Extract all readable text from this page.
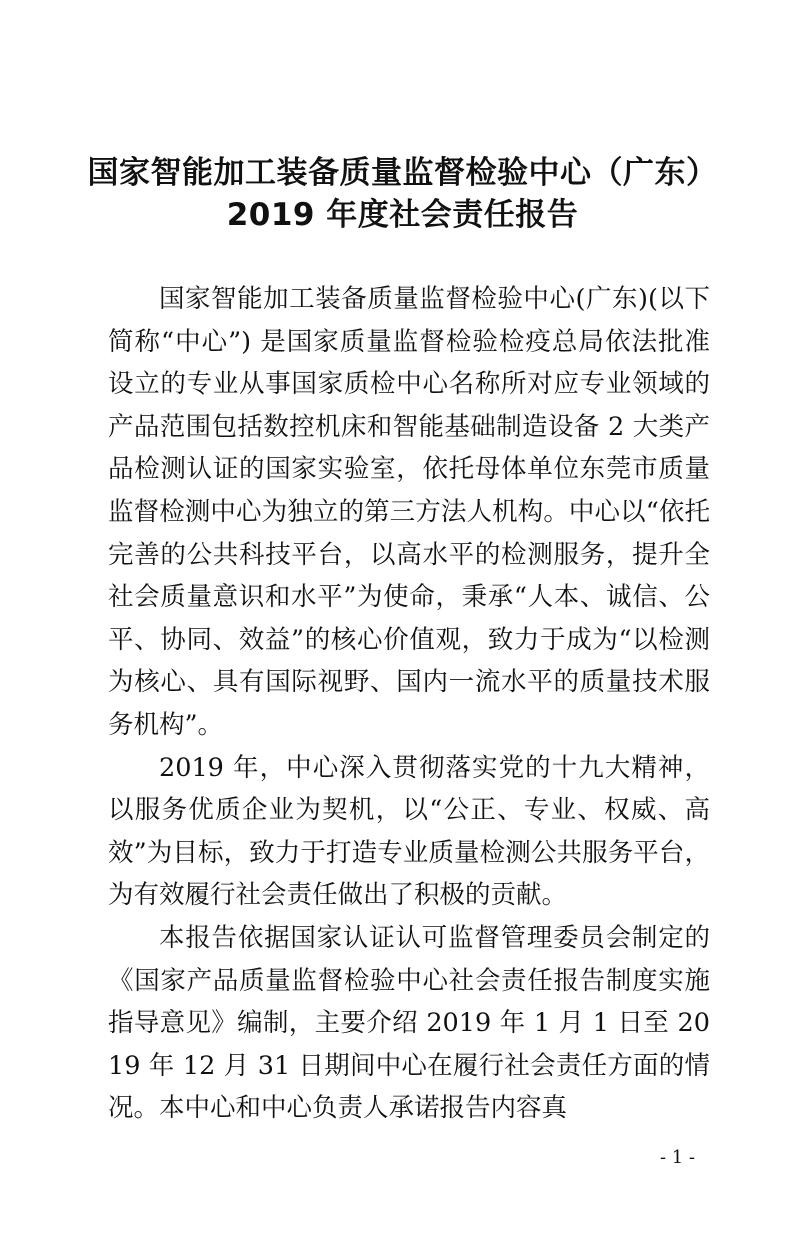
国家智能加工装备质量监督检验中心（广东）
2019 年度社会责任报告

国家智能加工装备质量监督检验中心(广东)(以下简称“中心”) 是国家质量监督检验检疫总局依法批准设立的专业从事国家质检中心名称所对应专业领域的产品范围包括数控机床和智能基础制造设备 2 大类产品检测认证的国家实验室，依托母体单位东莞市质量监督检测中心为独立的第三方法人机构。中心以“依托完善的公共科技平台，以高水平的检测服务，提升全社会质量意识和水平”为使命，秉承“人本、诚信、公平、协同、效益”的核心价值观，致力于成为“以检测为核心、具有国际视野、国内一流水平的质量技术服务机构”。

2019 年，中心深入贯彻落实党的十九大精神，以服务优质企业为契机，以“公正、专业、权威、高效”为目标，致力于打造专业质量检测公共服务平台，为有效履行社会责任做出了积极的贡献。

本报告依据国家认证认可监督管理委员会制定的《国家产品质量监督检验中心社会责任报告制度实施指导意见》编制，主要介绍 2019 年 1 月 1 日至 2019 年 12 月 31 日期间中心在履行社会责任方面的情况。本中心和中心负责人承诺报告内容真

- 1 -
